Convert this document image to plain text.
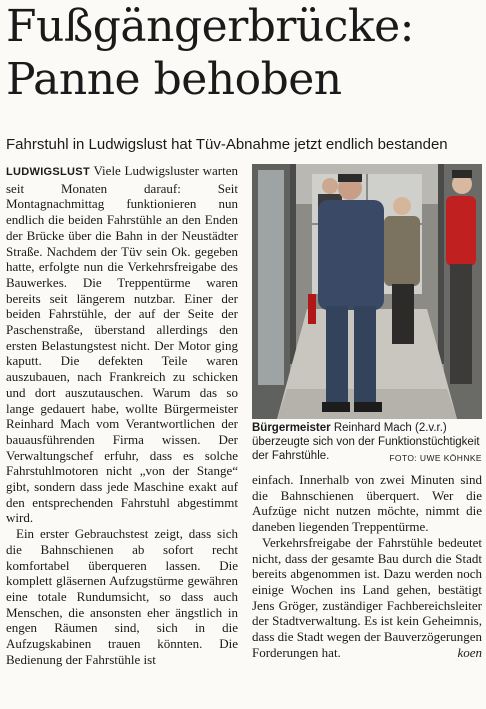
Fußgängerbrücke:
Panne behoben
Fahrstuhl in Ludwigslust hat Tüv-Abnahme jetzt endlich bestanden

LUDWIGSLUST Viele Ludwigsluster warten seit Monaten darauf: Seit Montagnachmittag funktionieren nun endlich die beiden Fahrstühle an den Enden der Brücke über die Bahn in der Neustädter Straße. Nachdem der Tüv sein Ok. gegeben hatte, erfolgte nun die Verkehrsfreigabe des Bauwerkes. Die Treppentürme waren bereits seit längerem nutzbar. Einer der beiden Fahrstühle, der auf der Seite der Paschenstraße, überstand allerdings den ersten Belastungstest nicht. Der Motor ging kaputt. Die defekten Teile waren auszubauen, nach Frankreich zu schicken und dort auszutauschen. Warum das so lange gedauert habe, wollte Bürgermeister Reinhard Mach vom Verantwortlichen der bauausführenden Firma wissen. Der Verwaltungschef erfuhr, dass es solche Fahrstuhlmotoren nicht „von der Stange“ gibt, sondern dass jede Maschine exakt auf den entsprechenden Fahrstuhl abgestimmt wird.

Ein erster Gebrauchstest zeigt, dass sich die Bahnschienen ab sofort recht komfortabel überqueren lassen. Die komplett gläsernen Aufzugstürme gewähren eine totale Rundumsicht, so dass auch Menschen, die ansonsten eher ängstlich in engen Räumen sind, sich in die Aufzugskabinen trauen könnten. Die Bedienung der Fahrstühle ist

Bürgermeister Reinhard Mach (2.v.r.) überzeugte sich von der Funktionstüchtigkeit der Fahrstühle.	FOTO: UWE KÖHNKE

einfach. Innerhalb von zwei Minuten sind die Bahnschienen überquert. Wer die Aufzüge nicht nutzen möchte, nimmt die daneben liegenden Treppentürme.

Verkehrsfreigabe der Fahrstühle bedeutet nicht, dass der gesamte Bau durch die Stadt bereits abgenommen ist. Dazu werden noch einige Wochen ins Land gehen, bestätigt Jens Gröger, zuständiger Fachbereichsleiter der Stadtverwaltung. Es ist kein Geheimnis, dass die Stadt wegen der Bauverzögerungen Forderungen hat.	koen
